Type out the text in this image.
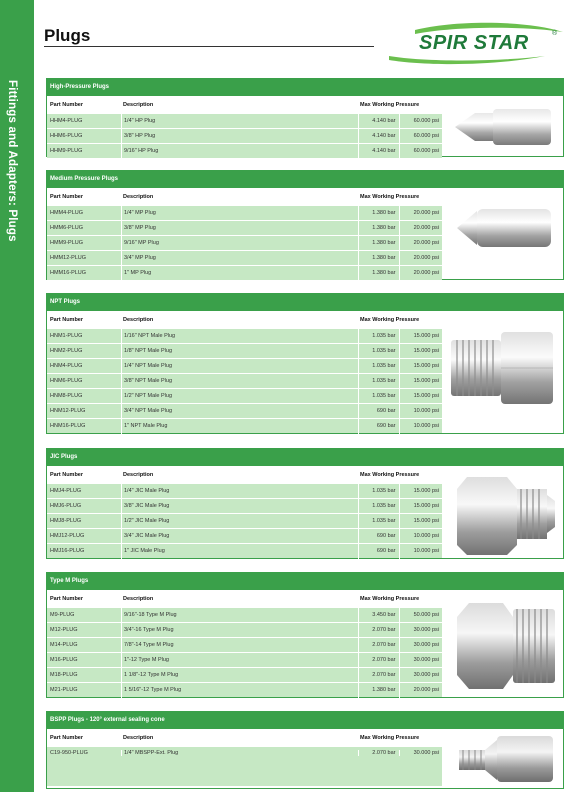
Fittings and Adapters: Plugs
Plugs	SPIR STAR	®
High-Pressure Plugs
Part Number	Description	Max Working Pressure
HHM4-PLUG	1/4" HP Plug	4.140 bar	60.000 psi
HHM6-PLUG	3/8" HP Plug	4.140 bar	60.000 psi
HHM9-PLUG	9/16" HP Plug	4.140 bar	60.000 psi
Medium Pressure Plugs
Part Number	Description	Max Working Pressure
HMM4-PLUG	1/4" MP Plug	1.380 bar	20.000 psi
HMM6-PLUG	3/8" MP Plug	1.380 bar	20.000 psi
HMM9-PLUG	9/16" MP Plug	1.380 bar	20.000 psi
HMM12-PLUG	3/4" MP Plug	1.380 bar	20.000 psi
HMM16-PLUG	1" MP Plug	1.380 bar	20.000 psi
NPT Plugs
Part Number	Description	Max Working Pressure
HNM1-PLUG	1/16" NPT Male Plug	1.035 bar	15.000 psi
HNM2-PLUG	1/8" NPT Male Plug	1.035 bar	15.000 psi
HNM4-PLUG	1/4" NPT Male Plug	1.035 bar	15.000 psi
HNM6-PLUG	3/8" NPT Male Plug	1.035 bar	15.000 psi
HNM8-PLUG	1/2" NPT Male Plug	1.035 bar	15.000 psi
HNM12-PLUG	3/4" NPT Male Plug	690 bar	10.000 psi
HNM16-PLUG	1" NPT Male Plug	690 bar	10.000 psi
JIC Plugs
Part Number	Description	Max Working Pressure
HMJ4-PLUG	1/4" JIC Male Plug	1.035 bar	15.000 psi
HMJ6-PLUG	3/8" JIC Male Plug	1.035 bar	15.000 psi
HMJ8-PLUG	1/2" JIC Male Plug	1.035 bar	15.000 psi
HMJ12-PLUG	3/4" JIC Male Plug	690 bar	10.000 psi
HMJ16-PLUG	1" JIC Male Plug	690 bar	10.000 psi
Type M Plugs
Part Number	Description	Max Working Pressure
M9-PLUG	9/16"-18 Type M Plug	3.450 bar	50.000 psi
M12-PLUG	3/4"-16 Type M Plug	2.070 bar	30.000 psi
M14-PLUG	7/8"-14 Type M Plug	2.070 bar	30.000 psi
M16-PLUG	1"-12 Type M Plug	2.070 bar	30.000 psi
M18-PLUG	1 1/8"-12 Type M Plug	2.070 bar	30.000 psi
M21-PLUG	1 5/16"-12 Type M Plug	1.380 bar	20.000 psi
BSPP Plugs - 120° external sealing cone
Part Number	Description	Max Working Pressure
C19-950-PLUG	1/4" MBSPP-Ext. Plug	2.070 bar	30.000 psi
